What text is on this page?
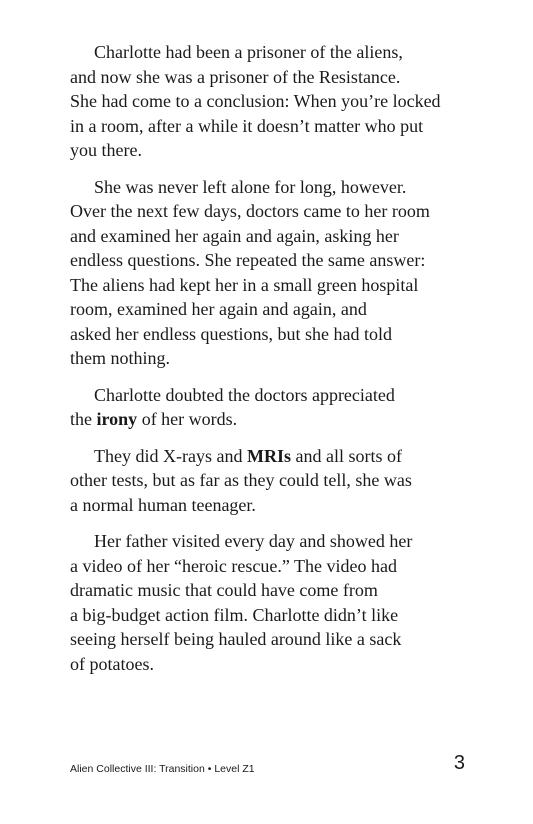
Charlotte had been a prisoner of the aliens,
and now she was a prisoner of the Resistance.
She had come to a conclusion: When you’re locked
in a room, after a while it doesn’t matter who put
you there.

She was never left alone for long, however.
Over the next few days, doctors came to her room
and examined her again and again, asking her
endless questions. She repeated the same answer:
The aliens had kept her in a small green hospital
room, examined her again and again, and
asked her endless questions, but she had told
them nothing.

Charlotte doubted the doctors appreciated
the irony of her words.

They did X-rays and MRIs and all sorts of
other tests, but as far as they could tell, she was
a normal human teenager.

Her father visited every day and showed her
a video of her “heroic rescue.” The video had
dramatic music that could have come from
a big-budget action film. Charlotte didn’t like
seeing herself being hauled around like a sack
of potatoes.

Alien Collective III: Transition • Level Z1	3
